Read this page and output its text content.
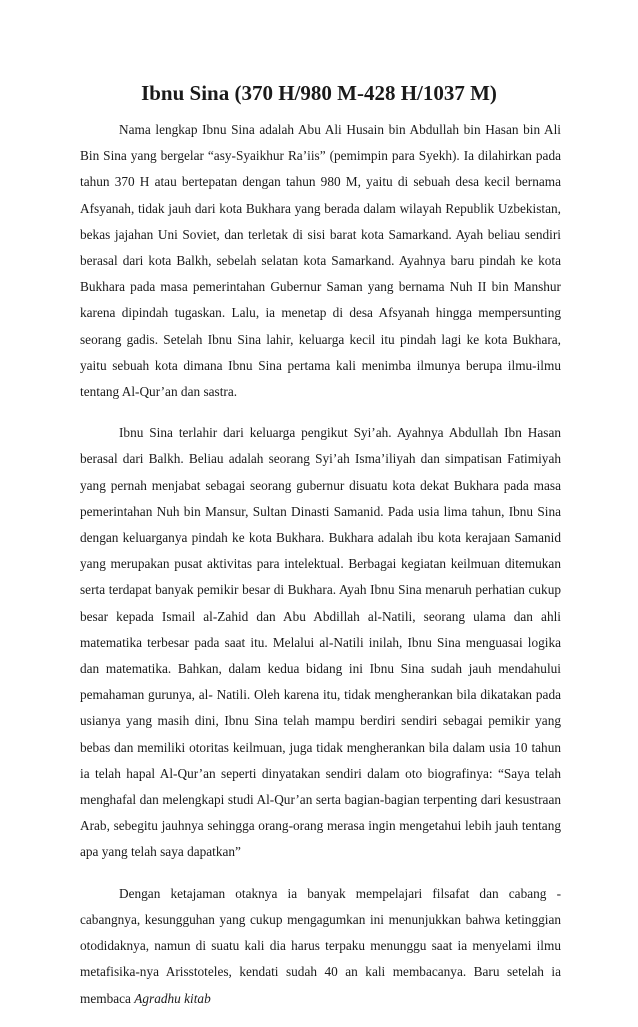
Ibnu Sina (370 H/980 M-428 H/1037 M)

Nama lengkap Ibnu Sina adalah Abu Ali Husain bin Abdullah bin Hasan bin Ali Bin Sina yang bergelar “asy-Syaikhur Ra’iis” (pemimpin para Syekh). Ia dilahirkan pada tahun 370 H atau bertepatan dengan tahun 980 M, yaitu di sebuah desa kecil bernama Afsyanah, tidak jauh dari kota Bukhara yang berada dalam wilayah Republik Uzbekistan, bekas jajahan Uni Soviet, dan terletak di sisi barat kota Samarkand. Ayah beliau sendiri berasal dari kota Balkh, sebelah selatan kota Samarkand. Ayahnya baru pindah ke kota Bukhara pada masa pemerintahan Gubernur Saman yang bernama Nuh II bin Manshur karena dipindah tugaskan. Lalu, ia menetap di desa Afsyanah hingga mempersunting seorang gadis. Setelah Ibnu Sina lahir, keluarga kecil itu pindah lagi ke kota Bukhara, yaitu sebuah kota dimana Ibnu Sina pertama kali menimba ilmunya berupa ilmu-ilmu tentang Al-Qur’an dan sastra.

Ibnu Sina terlahir dari keluarga pengikut Syi’ah. Ayahnya Abdullah Ibn Hasan berasal dari Balkh. Beliau adalah seorang Syi’ah Isma’iliyah dan simpatisan Fatimiyah yang pernah menjabat sebagai seorang gubernur disuatu kota dekat Bukhara pada masa pemerintahan Nuh bin Mansur, Sultan Dinasti Samanid. Pada usia lima tahun, Ibnu Sina dengan keluarganya pindah ke kota Bukhara. Bukhara adalah ibu kota kerajaan Samanid yang merupakan pusat aktivitas para intelektual. Berbagai kegiatan keilmuan ditemukan serta terdapat banyak pemikir besar di Bukhara. Ayah Ibnu Sina menaruh perhatian cukup besar kepada Ismail al-Zahid dan Abu Abdillah al-Natili, seorang ulama dan ahli matematika terbesar pada saat itu. Melalui al-Natili inilah, Ibnu Sina menguasai logika dan matematika. Bahkan, dalam kedua bidang ini Ibnu Sina sudah jauh mendahului pemahaman gurunya, al- Natili. Oleh karena itu, tidak mengherankan bila dikatakan pada usianya yang masih dini, Ibnu Sina telah mampu berdiri sendiri sebagai pemikir yang bebas dan memiliki otoritas keilmuan, juga tidak mengherankan bila dalam usia 10 tahun ia telah hapal Al-Qur’an seperti dinyatakan sendiri dalam oto biografinya: “Saya telah menghafal dan melengkapi studi Al-Qur’an serta bagian-bagian terpenting dari kesustraan Arab, sebegitu jauhnya sehingga orang-orang merasa ingin mengetahui lebih jauh tentang apa yang telah saya dapatkan”

Dengan ketajaman otaknya ia banyak mempelajari filsafat dan cabang - cabangnya, kesungguhan yang cukup mengagumkan ini menunjukkan bahwa ketinggian otodidaknya, namun di suatu kali dia harus terpaku menunggu saat ia menyelami ilmu metafisika-nya Arisstoteles, kendati sudah 40 an kali membacanya. Baru setelah ia membaca Agradhu kitab
